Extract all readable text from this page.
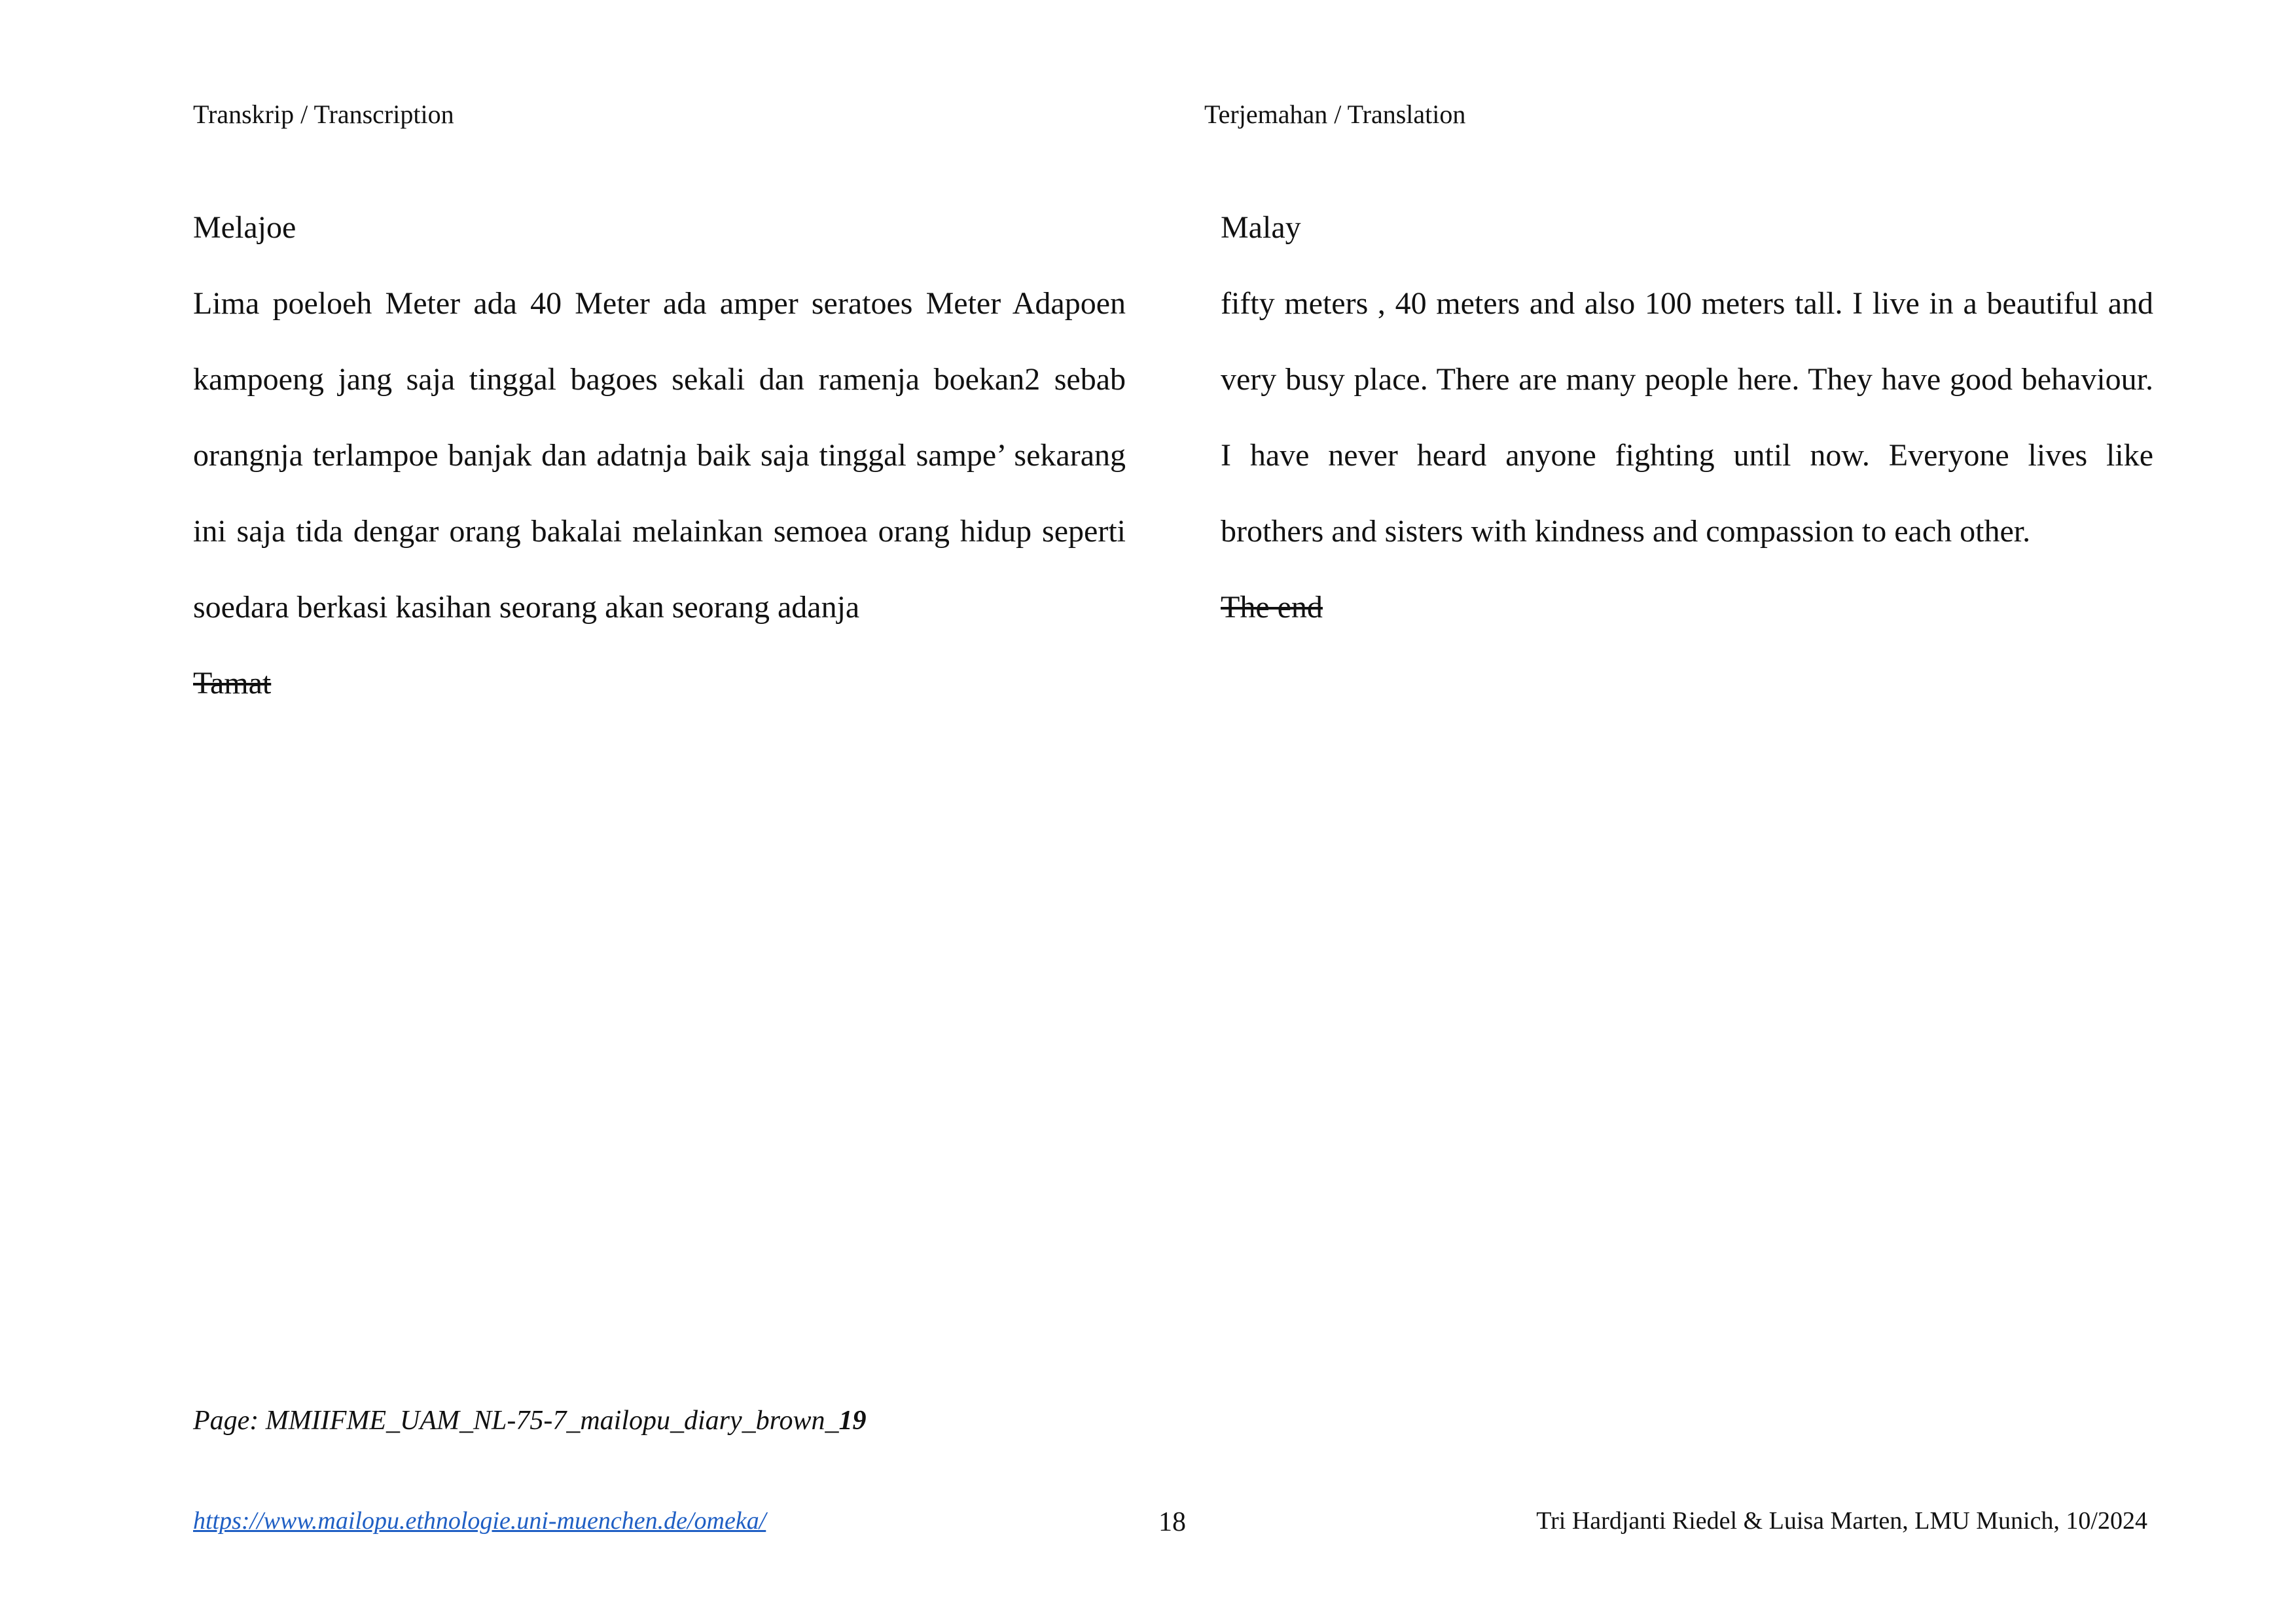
Transkrip / Transcription	Terjemahan / Translation
Melajoe
Lima poeloeh Meter ada 40 Meter ada amper seratoes Meter Adapoen kampoeng jang saja tinggal bagoes sekali dan ramenja boekan2 sebab orangnja terlampoe banjak dan adatnja baik saja tinggal sampe’ sekarang ini saja tida dengar orang bakalai melainkan semoea orang hidup seperti soedara berkasi kasihan seorang akan seorang adanja
Tamat
Malay
fifty meters , 40 meters and also 100 meters tall. I live in a beautiful and very busy place. There are many people here. They have good behaviour. I have never heard anyone fighting until now. Everyone lives like brothers and sisters with kindness and compassion to each other.
The end
Page: MMIIFME_UAM_NL-75-7_mailopu_diary_brown_19
https://www.mailopu.ethnologie.uni-muenchen.de/omeka/	18	Tri Hardjanti Riedel & Luisa Marten, LMU Munich, 10/2024
